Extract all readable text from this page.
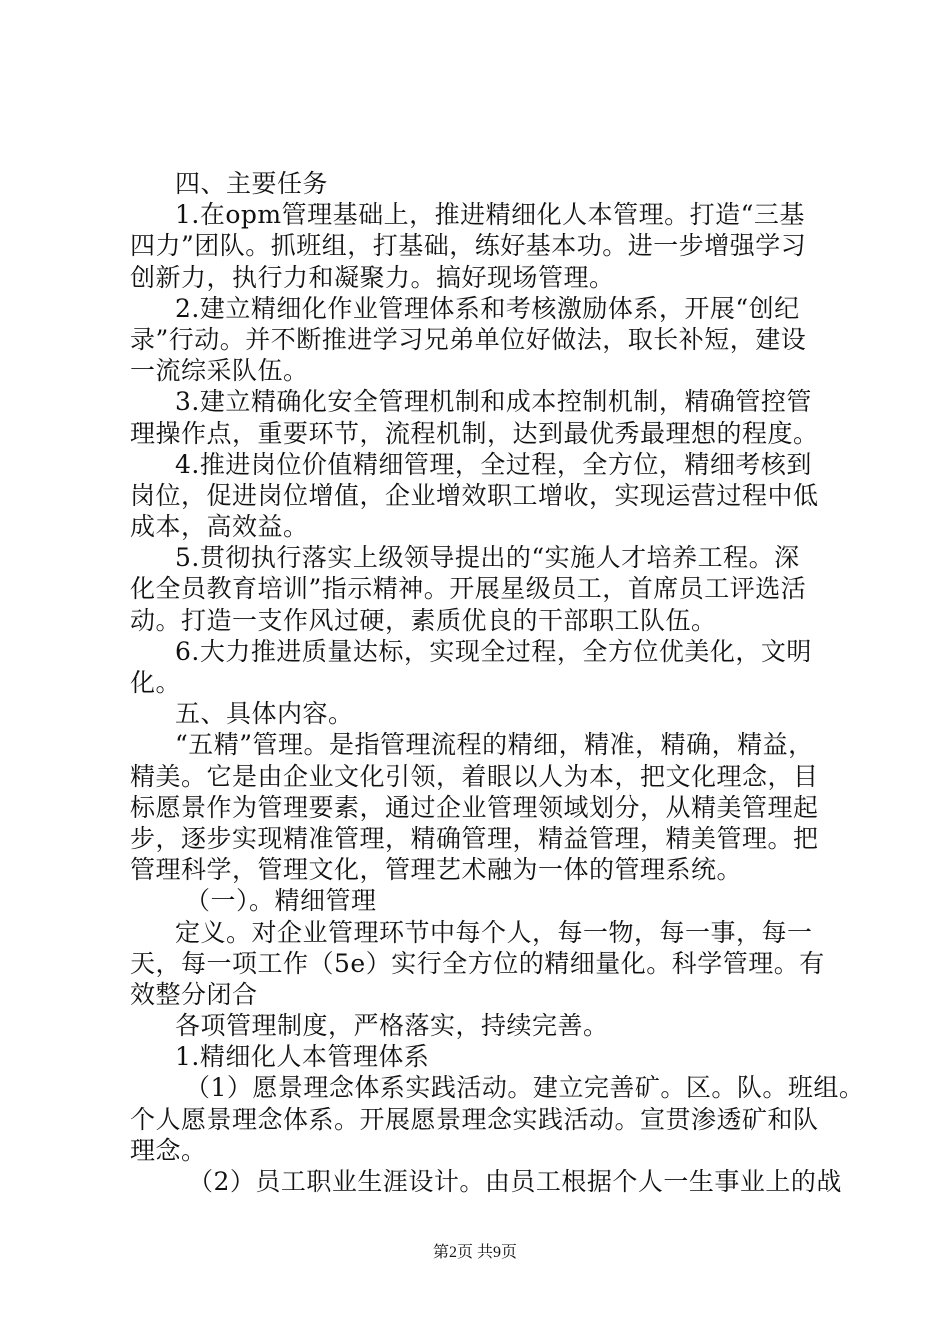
四、主要任务
1.在opm管理基础上，推进精细化人本管理。打造“三基
四力”团队。抓班组，打基础，练好基本功。进一步增强学习
创新力，执行力和凝聚力。搞好现场管理。
2.建立精细化作业管理体系和考核激励体系，开展“创纪
录”行动。并不断推进学习兄弟单位好做法，取长补短，建设
一流综采队伍。
3.建立精确化安全管理机制和成本控制机制，精确管控管
理操作点，重要环节，流程机制，达到最优秀最理想的程度。
4.推进岗位价值精细管理，全过程，全方位，精细考核到
岗位，促进岗位增值，企业增效职工增收，实现运营过程中低
成本，高效益。
5.贯彻执行落实上级领导提出的“实施人才培养工程。深
化全员教育培训”指示精神。开展星级员工，首席员工评选活
动。打造一支作风过硬，素质优良的干部职工队伍。
6.大力推进质量达标，实现全过程，全方位优美化，文明
化。
五、具体内容。
“五精”管理。是指管理流程的精细，精准，精确，精益，
精美。它是由企业文化引领，着眼以人为本，把文化理念，目
标愿景作为管理要素，通过企业管理领域划分，从精美管理起
步，逐步实现精准管理，精确管理，精益管理，精美管理。把
管理科学，管理文化，管理艺术融为一体的管理系统。
（一）。精细管理
定义。对企业管理环节中每个人，每一物，每一事，每一
天，每一项工作（5e）实行全方位的精细量化。科学管理。有
效整分闭合
各项管理制度，严格落实，持续完善。
1.精细化人本管理体系
（1）愿景理念体系实践活动。建立完善矿。区。队。班组。
个人愿景理念体系。开展愿景理念实践活动。宣贯渗透矿和队
理念。
（2）员工职业生涯设计。由员工根据个人一生事业上的战
第2页 共9页
